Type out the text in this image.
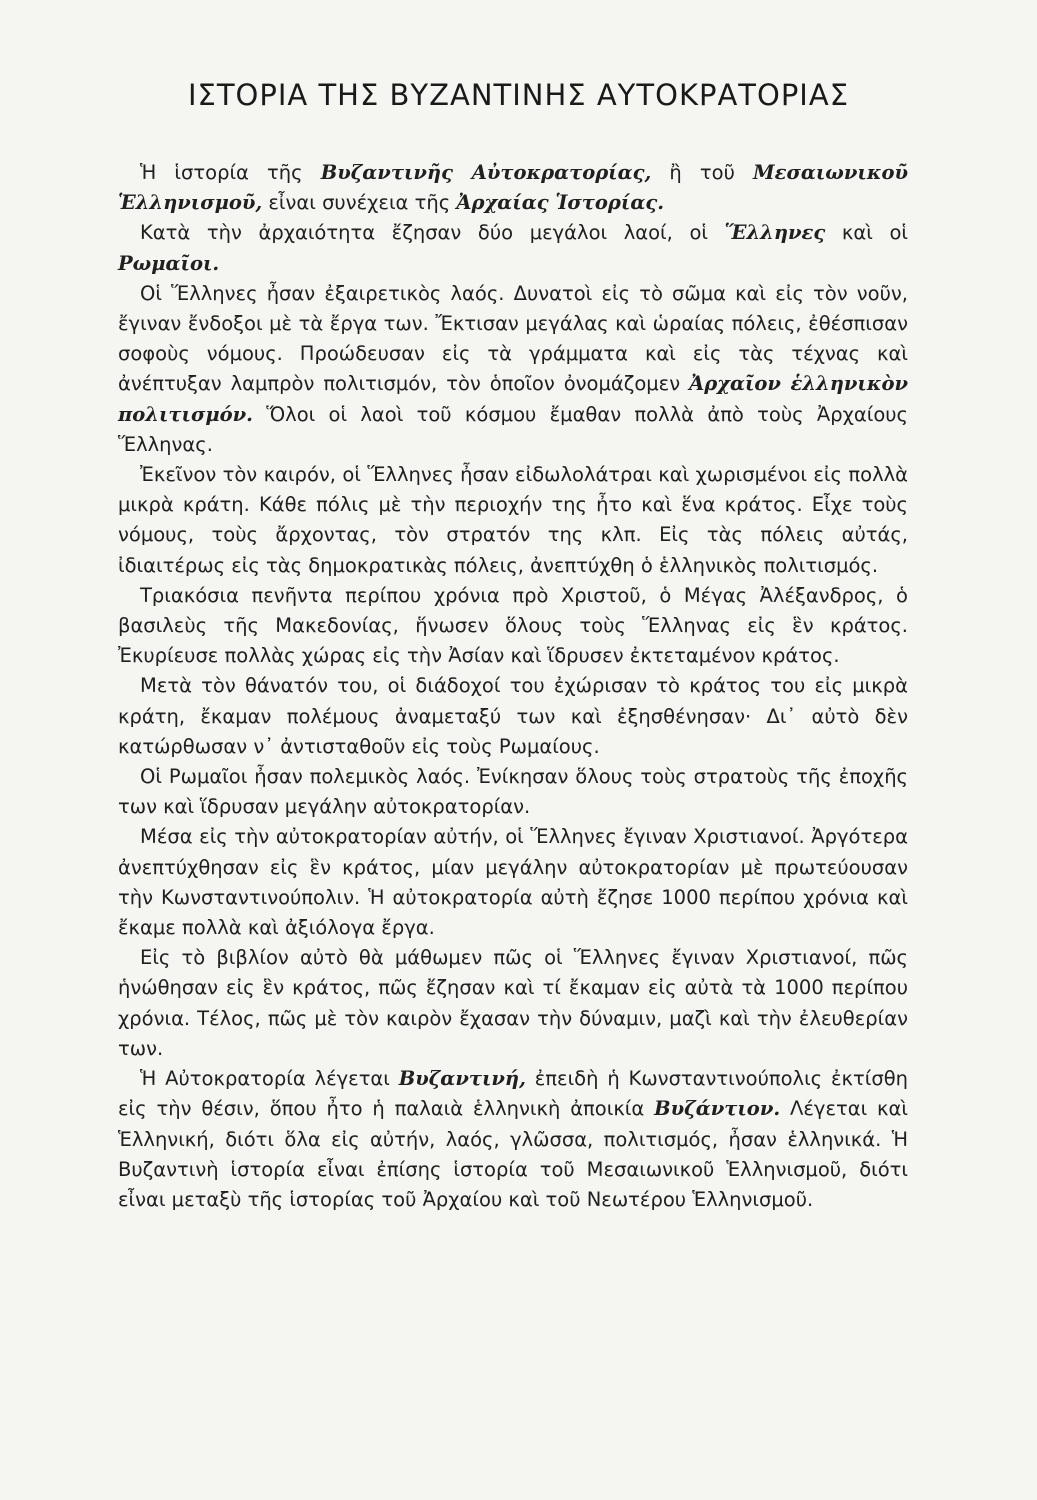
ΙΣΤΟΡΙΑ ΤΗΣ ΒΥΖΑΝΤΙΝΗΣ ΑΥΤΟΚΡΑΤΟΡΙΑΣ

Ἡ ἱστορία τῆς Βυζαντινῆς Αὐτοκρατορίας, ἢ τοῦ Μεσαιωνικοῦ Ἑλληνισμοῦ, εἶναι συνέχεια τῆς Ἀρχαίας Ἱστορίας.

Κατὰ τὴν ἀρχαιότητα ἔζησαν δύο μεγάλοι λαοί, οἱ Ἕλληνες καὶ οἱ Ρωμαῖοι.

Οἱ Ἕλληνες ἦσαν ἐξαιρετικὸς λαός. Δυνατοὶ εἰς τὸ σῶμα καὶ εἰς τὸν νοῦν, ἔγιναν ἔνδοξοι μὲ τὰ ἔργα των. Ἔκτισαν μεγάλας καὶ ὡραίας πόλεις, ἐθέσπισαν σοφοὺς νόμους. Προώδευσαν εἰς τὰ γράμματα καὶ εἰς τὰς τέχνας καὶ ἀνέπτυξαν λαμπρὸν πολιτισμόν, τὸν ὁποῖον ὀνομάζομεν Ἀρχαῖον ἑλληνικὸν πολιτισμόν. Ὅλοι οἱ λαοὶ τοῦ κόσμου ἔμαθαν πολλὰ ἀπὸ τοὺς Ἀρχαίους Ἕλληνας.

Ἐκεῖνον τὸν καιρόν, οἱ Ἕλληνες ἦσαν εἰδωλολάτραι καὶ χωρισμένοι εἰς πολλὰ μικρὰ κράτη. Κάθε πόλις μὲ τὴν περιοχήν της ἦτο καὶ ἕνα κράτος. Εἶχε τοὺς νόμους, τοὺς ἄρχοντας, τὸν στρατόν της κλπ. Εἰς τὰς πόλεις αὐτάς, ἰδιαιτέρως εἰς τὰς δημοκρατικὰς πόλεις, ἀνεπτύχθη ὁ ἑλληνικὸς πολιτισμός.

Τριακόσια πενῆντα περίπου χρόνια πρὸ Χριστοῦ, ὁ Μέγας Ἀλέξανδρος, ὁ βασιλεὺς τῆς Μακεδονίας, ἥνωσεν ὅλους τοὺς Ἕλληνας εἰς ἓν κράτος. Ἐκυρίευσε πολλὰς χώρας εἰς τὴν Ἀσίαν καὶ ἵδρυσεν ἐκτεταμένον κράτος.

Μετὰ τὸν θάνατόν του, οἱ διάδοχοί του ἐχώρισαν τὸ κράτος του εἰς μικρὰ κράτη, ἔκαμαν πολέμους ἀναμεταξύ των καὶ ἐξησθένησαν· Δι᾽ αὐτὸ δὲν κατώρθωσαν ν᾽ ἀντισταθοῦν εἰς τοὺς Ρωμαίους.

Οἱ Ρωμαῖοι ἦσαν πολεμικὸς λαός. Ἐνίκησαν ὅλους τοὺς στρατοὺς τῆς ἐποχῆς των καὶ ἵδρυσαν μεγάλην αὐτοκρατορίαν.

Μέσα εἰς τὴν αὐτοκρατορίαν αὐτήν, οἱ Ἕλληνες ἔγιναν Χριστιανοί. Ἀργότερα ἀνεπτύχθησαν εἰς ἓν κράτος, μίαν μεγάλην αὐτοκρατορίαν μὲ πρωτεύουσαν τὴν Κωνσταντινούπολιν. Ἡ αὐτοκρατορία αὐτὴ ἔζησε 1000 περίπου χρόνια καὶ ἔκαμε πολλὰ καὶ ἀξιόλογα ἔργα.

Εἰς τὸ βιβλίον αὐτὸ θὰ μάθωμεν πῶς οἱ Ἕλληνες ἔγιναν Χριστιανοί, πῶς ἡνώθησαν εἰς ἓν κράτος, πῶς ἔζησαν καὶ τί ἔκαμαν εἰς αὐτὰ τὰ 1000 περίπου χρόνια. Τέλος, πῶς μὲ τὸν καιρὸν ἔχασαν τὴν δύναμιν, μαζὶ καὶ τὴν ἐλευθερίαν των.

Ἡ Αὐτοκρατορία λέγεται Βυζαντινή, ἐπειδὴ ἡ Κωνσταντινούπολις ἐκτίσθη εἰς τὴν θέσιν, ὅπου ἦτο ἡ παλαιὰ ἑλληνικὴ ἀποικία Βυζάντιον. Λέγεται καὶ Ἑλληνική, διότι ὅλα εἰς αὐτήν, λαός, γλῶσσα, πολιτισμός, ἦσαν ἑλληνικά. Ἡ Βυζαντινὴ ἱστορία εἶναι ἐπίσης ἱστορία τοῦ Μεσαιωνικοῦ Ἑλληνισμοῦ, διότι εἶναι μεταξὺ τῆς ἱστορίας τοῦ Ἀρχαίου καὶ τοῦ Νεωτέρου Ἑλληνισμοῦ.
